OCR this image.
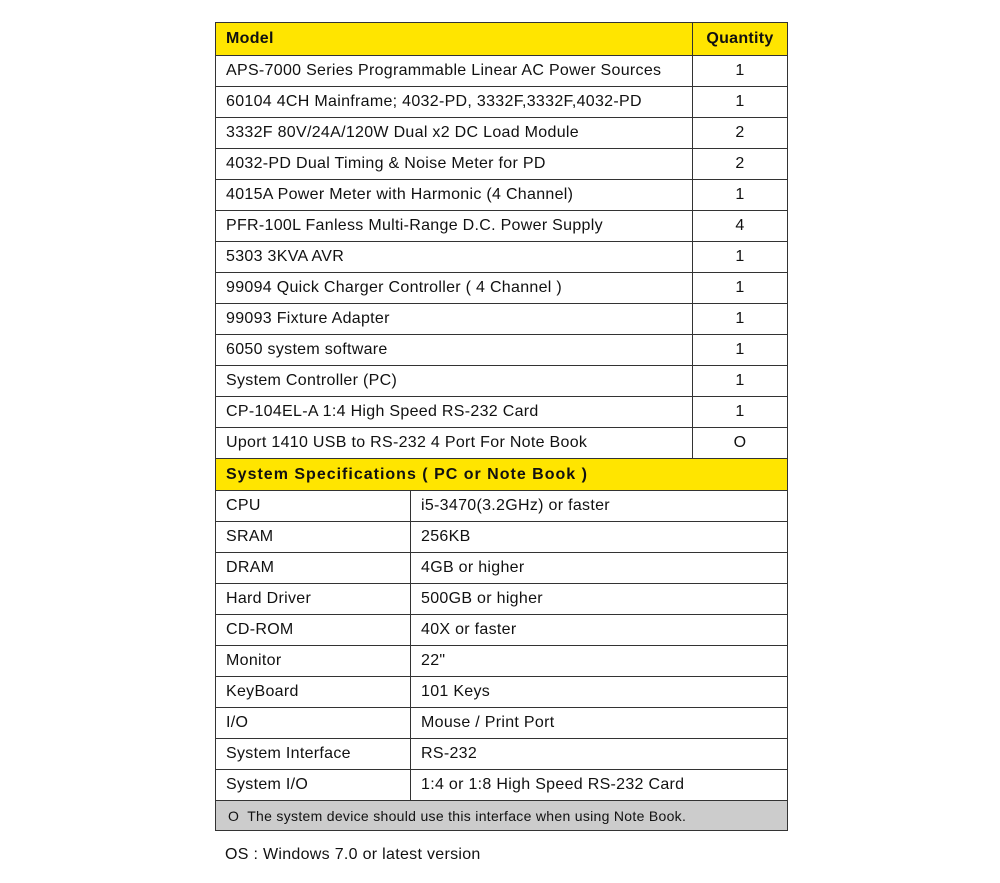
Model	Quantity
APS-7000 Series Programmable Linear AC Power Sources	1
60104 4CH Mainframe; 4032-PD, 3332F,3332F,4032-PD	1
3332F 80V/24A/120W Dual x2 DC Load Module	2
4032-PD Dual Timing & Noise Meter for PD	2
4015A Power Meter with Harmonic (4 Channel)	1
PFR-100L Fanless Multi-Range D.C. Power Supply	4
5303 3KVA AVR	1
99094 Quick Charger Controller ( 4 Channel )	1
99093 Fixture Adapter	1
6050 system software	1
System Controller (PC)	1
CP-104EL-A 1:4 High Speed RS-232 Card	1
Uport 1410 USB to RS-232 4 Port For Note Book	O
System Specifications ( PC or Note Book )
CPU	i5-3470(3.2GHz) or faster
SRAM	256KB
DRAM	4GB or higher
Hard Driver	500GB or higher
CD-ROM	40X or faster
Monitor	22"
KeyBoard	101 Keys
I/O	Mouse / Print Port
System Interface	RS-232
System I/O	1:4 or 1:8 High Speed RS-232 Card
O The system device should use this interface when using Note Book.
OS : Windows 7.0 or latest version
